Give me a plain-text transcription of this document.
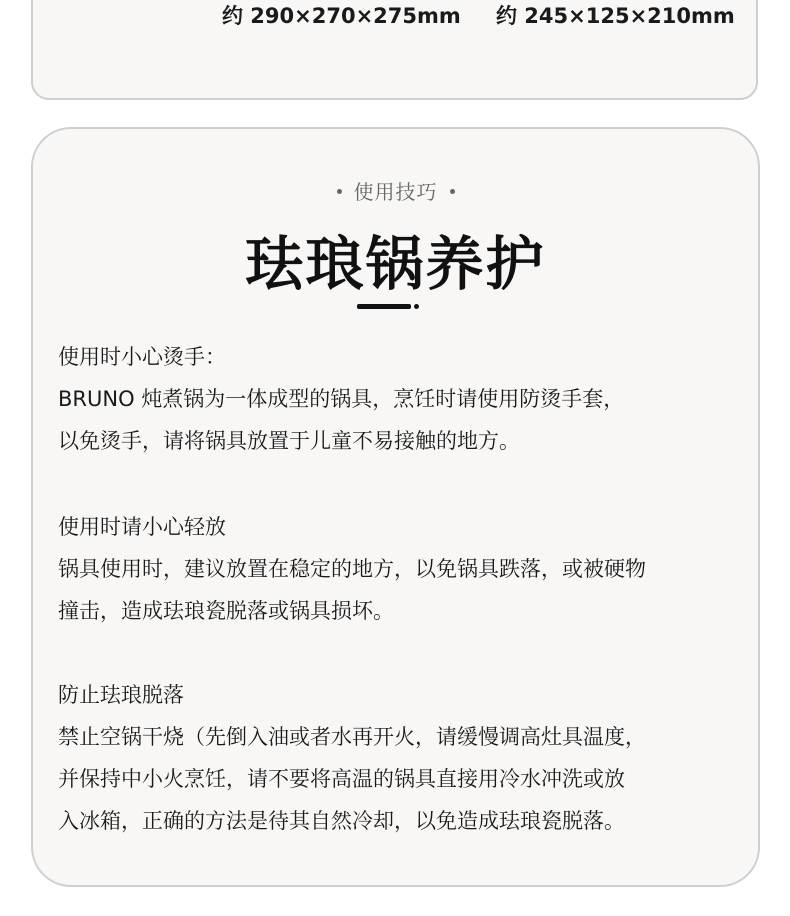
约 290×270×275mm 约 245×125×210mm
使用技巧
珐琅锅养护

使用时小心烫手：

BRUNO 炖煮锅为一体成型的锅具，烹饪时请使用防烫手套，

以免烫手，请将锅具放置于儿童不易接触的地方。

使用时请小心轻放

锅具使用时，建议放置在稳定的地方，以免锅具跌落，或被硬物

撞击，造成珐琅瓷脱落或锅具损坏。

防止珐琅脱落

禁止空锅干烧（先倒入油或者水再开火，请缓慢调高灶具温度，

并保持中小火烹饪，请不要将高温的锅具直接用冷水冲洗或放

入冰箱，正确的方法是待其自然冷却，以免造成珐琅瓷脱落。
